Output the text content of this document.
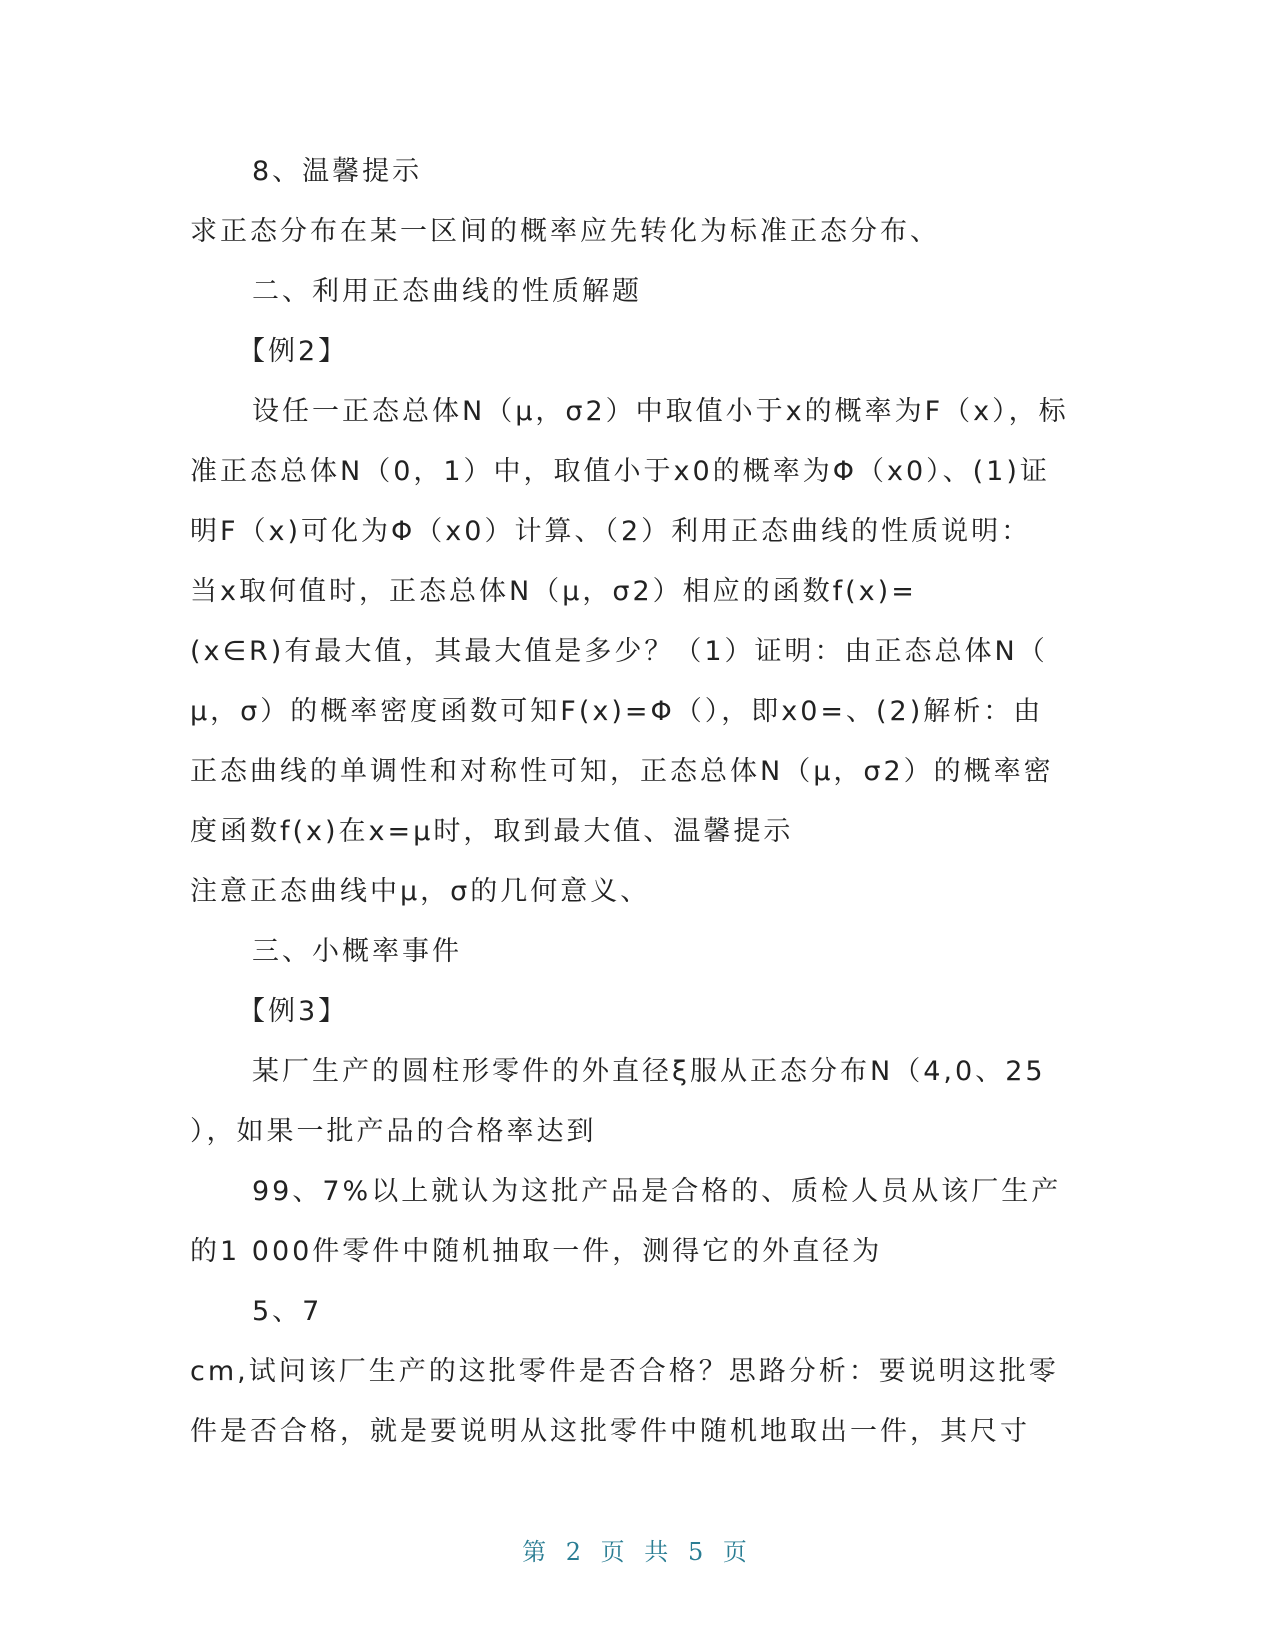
8、温馨提示
求正态分布在某一区间的概率应先转化为标准正态分布、
二、利用正态曲线的性质解题
【例2】
设任一正态总体N（μ，σ2）中取值小于x的概率为F（x），标
准正态总体N（0，1）中，取值小于x0的概率为Φ（x0）、(1)证
明F（x)可化为Φ（x0）计算、（2）利用正态曲线的性质说明：
当x取何值时，正态总体N（μ，σ2）相应的函数f(x)=
(x∈R)有最大值，其最大值是多少？（1）证明：由正态总体N（
μ，σ）的概率密度函数可知F(x)=Φ（），即x0=、(2)解析：由
正态曲线的单调性和对称性可知，正态总体N（μ，σ2）的概率密
度函数f(x)在x=μ时，取到最大值、温馨提示
注意正态曲线中μ，σ的几何意义、
三、小概率事件
【例3】
某厂生产的圆柱形零件的外直径ξ服从正态分布N（4,0、25
），如果一批产品的合格率达到
99、7%以上就认为这批产品是合格的、质检人员从该厂生产
的1 000件零件中随机抽取一件，测得它的外直径为
5、7
cm,试问该厂生产的这批零件是否合格？思路分析：要说明这批零
件是否合格，就是要说明从这批零件中随机地取出一件，其尺寸
第 2 页 共 5 页
